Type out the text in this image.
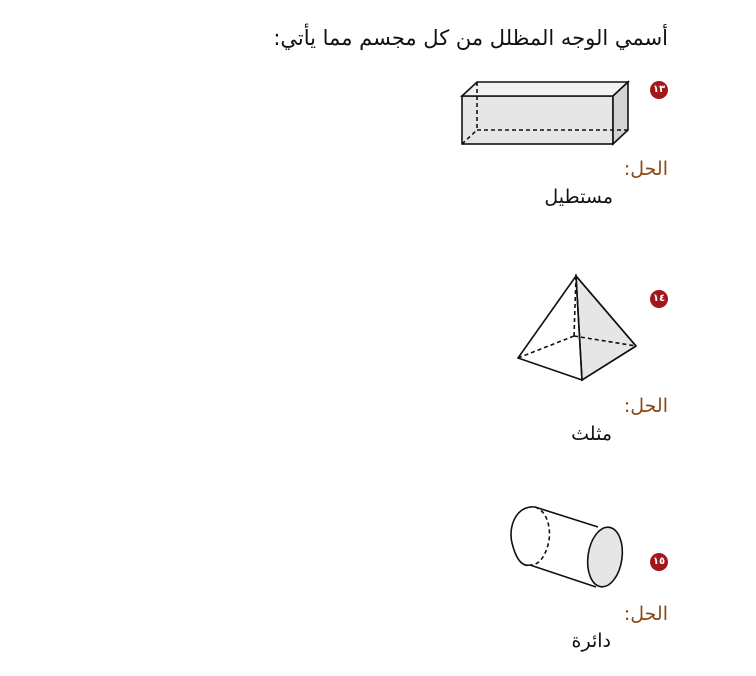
أسمي الوجه المظلل من كل مجسم مما يأتي:
١٣
الحل:
مستطيل
١٤
الحل:
مثلث
١٥
الحل:
دائرة
